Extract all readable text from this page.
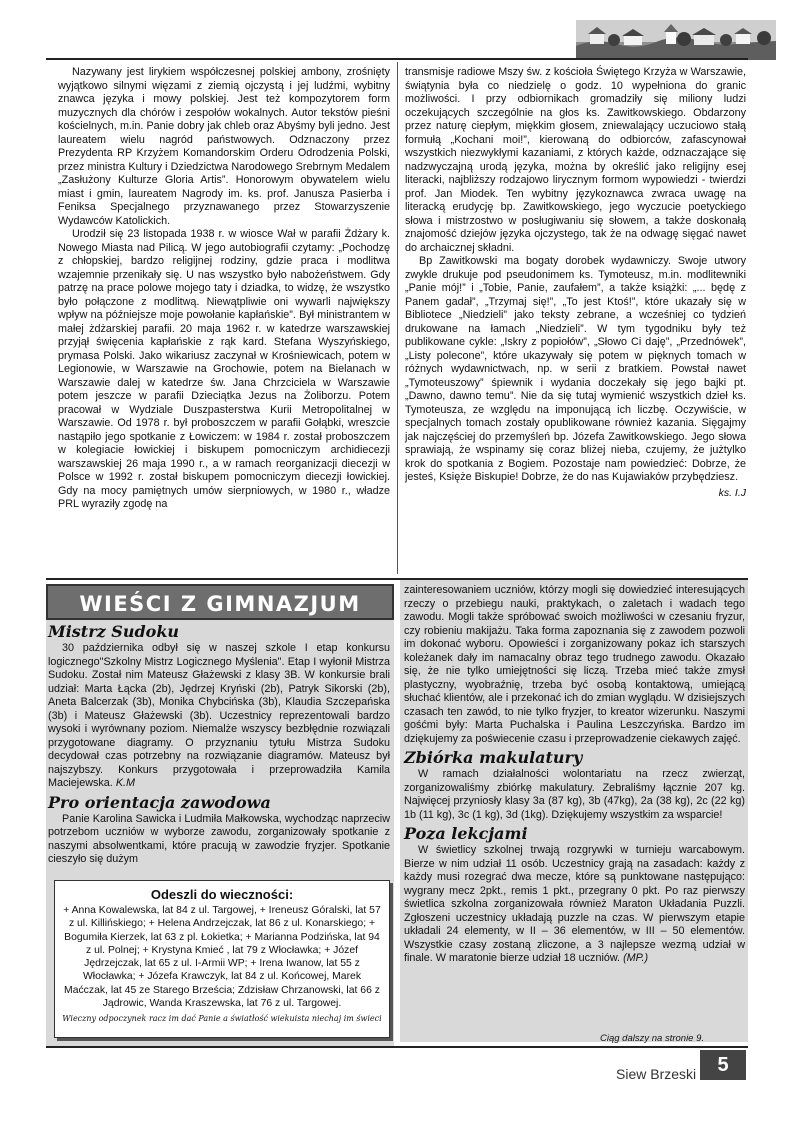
Nazywany jest lirykiem współczesnej polskiej ambony, zrośnięty wyjątkowo silnymi więzami z ziemią ojczystą i jej ludźmi, wybitny znawca języka i mowy polskiej. Jest też kompozytorem form muzycznych dla chórów i zespołów wokalnych. Autor tekstów pieśni kościelnych, m.in. Panie dobry jak chleb oraz Abyśmy byli jedno. Jest laureatem wielu nagród państwowych. Odznaczony przez Prezydenta RP Krzyżem Komandorskim Orderu Odrodzenia Polski, przez ministra Kultury i Dziedzictwa Narodowego Srebrnym Medalem „Zasłużony Kulturze Gloria Artis”. Honorowym obywatelem wielu miast i gmin, laureatem Nagrody im. ks. prof. Janusza Pasierba i Feniksa Specjalnego przyznawanego przez Stowarzyszenie Wydawców Katolickich.

Urodził się 23 listopada 1938 r. w wiosce Wał w parafii Żdżary k. Nowego Miasta nad Pilicą. W jego autobiografii czytamy: „Pochodzę z chłopskiej, bardzo religijnej rodziny, gdzie praca i modlitwa wzajemnie przenikały się. U nas wszystko było nabożeństwem. Gdy patrzę na prace polowe mojego taty i dziadka, to widzę, że wszystko było połączone z modlitwą. Niewątpliwie oni wywarli największy wpływ na późniejsze moje powołanie kapłańskie”. Był ministrantem w małej żdżarskiej parafii. 20 maja 1962 r. w katedrze warszawskiej przyjął święcenia kapłańskie z rąk kard. Stefana Wyszyńskiego, prymasa Polski. Jako wikariusz zaczynał w Krośniewicach, potem w Legionowie, w Warszawie na Grochowie, potem na Bielanach w Warszawie dalej w katedrze św. Jana Chrzciciela w Warszawie potem jeszcze w parafii Dzieciątka Jezus na Żoliborzu. Potem pracował w Wydziale Duszpasterstwa Kurii Metropolitalnej w Warszawie. Od 1978 r. był proboszczem w parafii Gołąbki, wreszcie nastąpiło jego spotkanie z Łowiczem: w 1984 r. został proboszczem w kolegiacie łowickiej i biskupem pomocniczym archidiecezji warszawskiej 26 maja 1990 r., a w ramach reorganizacji diecezji w Polsce w 1992 r. został biskupem pomocniczym diecezji łowickiej. Gdy na mocy pamiętnych umów sierpniowych, w 1980 r., władze PRL wyraziły zgodę na

transmisje radiowe Mszy św. z kościoła Świętego Krzyża w Warszawie, świątynia była co niedzielę o godz. 10 wypełniona do granic możliwości. I przy odbiornikach gromadziły się miliony ludzi oczekujących szczególnie na głos ks. Zawitkowskiego. Obdarzony przez naturę ciepłym, miękkim głosem, zniewalający uczuciowo stałą formułą „Kochani moi!”, kierowaną do odbiorców, zafascynował wszystkich niezwykłymi kazaniami, z których każde, odznaczające się nadzwyczajną urodą języka, można by określić jako religijny esej literacki, najbliższy rodzajowo lirycznym formom wypowiedzi - twierdzi prof. Jan Miodek. Ten wybitny językoznawca zwraca uwagę na literacką erudycję bp. Zawitkowskiego, jego wyczucie poetyckiego słowa i mistrzostwo w posługiwaniu się słowem, a także doskonałą znajomość dziejów języka ojczystego, tak że na odwagę sięgać nawet do archaicznej składni.

Bp Zawitkowski ma bogaty dorobek wydawniczy. Swoje utwory zwykle drukuje pod pseudonimem ks. Tymoteusz, m.in. modlitewniki „Panie mój!” i „Tobie, Panie, zaufałem”, a także książki: „... będę z Panem gadał”, „Trzymaj się!”, „To jest Ktoś!”, które ukazały się w Bibliotece „Niedzieli” jako teksty zebrane, a wcześniej co tydzień drukowane na łamach „Niedzieli”. W tym tygodniku były też publikowane cykle: „Iskry z popiołów”, „Słowo Ci daję”, „Przednówek”, „Listy polecone”, które ukazywały się potem w pięknych tomach w różnych wydawnictwach, np. w serii z bratkiem. Powstał nawet „Tymoteuszowy” śpiewnik i wydania doczekały się jego bajki pt. „Dawno, dawno temu”. Nie da się tutaj wymienić wszystkich dzieł ks. Tymoteusza, ze względu na imponującą ich liczbę. Oczywiście, w specjalnych tomach zostały opublikowane również kazania. Sięgajmy jak najczęściej do przemyśleń bp. Józefa Zawitkowskiego. Jego słowa sprawiają, że wspinamy się coraz bliżej nieba, czujemy, że jużtylko krok do spotkania z Bogiem. Pozostaje nam powiedzieć: Dobrze, że jesteś, Księże Biskupie! Dobrze, że do nas Kujawiaków przybędziesz.

ks. I.J

WIEŚCI Z GIMNAZJUM
Mistrz Sudoku

30 października odbył się w naszej szkole I etap konkursu logicznego"Szkolny Mistrz Logicznego Myślenia". Etap I wyłonił Mistrza Sudoku. Został nim Mateusz Głażewski z klasy 3B. W konkursie brali udział: Marta Łącka (2b), Jędrzej Kryński (2b), Patryk Sikorski (2b), Aneta Balcerzak (3b), Monika Chybcińska (3b), Klaudia Szczepańska (3b) i Mateusz Głażewski (3b). Uczestnicy reprezentowali bardzo wysoki i wyrównany poziom. Niemalże wszyscy bezbłędnie rozwiązali przygotowane diagramy. O przyznaniu tytułu Mistrza Sudoku decydował czas potrzebny na rozwiązanie diagramów. Mateusz był najszybszy. Konkurs przygotowała i przeprowadziła Kamila Maciejewska. K.M

Pro orientacja zawodowa

Panie Karolina Sawicka i Ludmiła Małkowska, wychodząc naprzeciw potrzebom uczniów w wyborze zawodu, zorganizowały spotkanie z naszymi absolwentkami, które pracują w zawodzie fryzjer. Spotkanie cieszyło się dużym

Odeszli do wieczności:

+ Anna Kowalewska, lat 84 z ul. Targowej, + Ireneusz Góralski, lat 57 z ul. Killińskiego; + Helena Andrzejczak, lat 86 z ul. Konarskiego; + Bogumiła Kierzek, lat 63 z pl. Łokietka; + Marianna Podzińska, lat 94 z ul. Polnej; + Krystyna Kmieć , lat 79 z Włocławka; + Józef Jędrzejczak, lat 65 z ul. I-Armii WP; + Irena Iwanow, lat 55 z Włocławka; + Józefa Krawczyk, lat 84 z ul. Końcowej, Marek Maćczak, lat 45 ze Starego Brześcia; Zdzisław Chrzanowski, lat 66 z Jądrowic, Wanda Kraszewska, lat 76 z ul. Targowej.

Wieczny odpoczynek racz im dać Panie a światłość wiekuista niechaj im świeci

zainteresowaniem uczniów, którzy mogli się dowiedzieć interesujących rzeczy o przebiegu nauki, praktykach, o zaletach i wadach tego zawodu. Mogli także spróbować swoich możliwości w czesaniu fryzur, czy robieniu makijażu. Taka forma zapoznania się z zawodem pozwoli im dokonać wyboru. Opowieści i zorganizowany pokaz ich starszych koleżanek dały im namacalny obraz tego trudnego zawodu. Okazało się, że nie tylko umiejętności się liczą. Trzeba mieć także zmysł plastyczny, wyobraźnię, trzeba być osobą kontaktową, umiejącą słuchać klientów, ale i przekonać ich do zmian wyglądu. W dzisiejszych czasach ten zawód, to nie tylko fryzjer, to kreator wizerunku. Naszymi gośćmi były: Marta Puchalska i Paulina Leszczyńska. Bardzo im dziękujemy za poświecenie czasu i przeprowadzenie ciekawych zajęć.

Zbiórka makulatury

W ramach działalności wolontariatu na rzecz zwierząt, zorganizowaliśmy zbiórkę makulatury. Zebraliśmy łącznie 207 kg. Najwięcej przyniosły klasy 3a (87 kg), 3b (47kg), 2a (38 kg), 2c (22 kg) 1b (11 kg), 3c (1 kg), 3d (1kg). Dziękujemy wszystkim za wsparcie!

Poza lekcjami

W świetlicy szkolnej trwają rozgrywki w turnieju warcabowym. Bierze w nim udział 11 osób. Uczestnicy grają na zasadach: każdy z każdy musi rozegrać dwa mecze, które są punktowane następująco: wygrany mecz 2pkt., remis 1 pkt., przegrany 0 pkt. Po raz pierwszy świetlica szkolna zorganizowała również Maraton Układania Puzzli. Zgłoszeni uczestnicy układają puzzle na czas. W pierwszym etapie układali 24 elementy, w II – 36 elementów, w III – 50 elementów. Wszystkie czasy zostaną zliczone, a 3 najlepsze wezmą udział w finale. W maratonie bierze udział 18 uczniów. (MP.)

Ciąg dalszy na stronie 9.
Siew Brzeski	5
